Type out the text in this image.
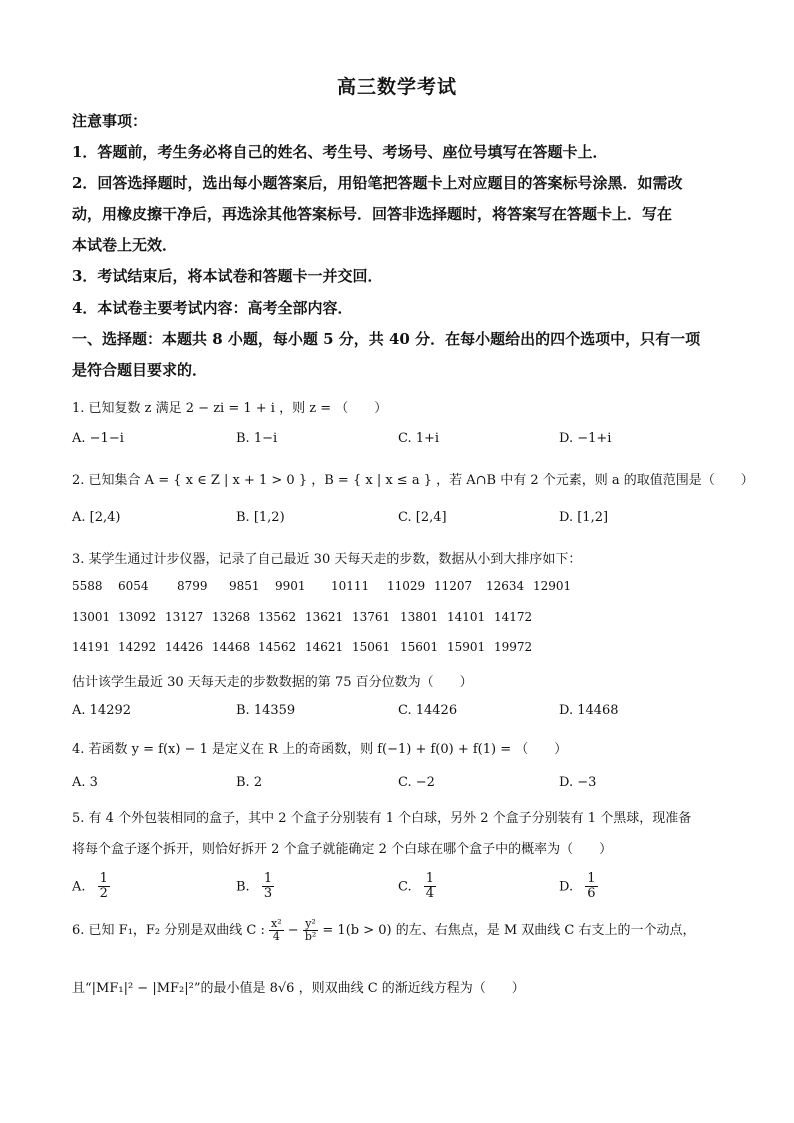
高三数学考试
注意事项：
1．答题前，考生务必将自己的姓名、考生号、考场号、座位号填写在答题卡上．
2．回答选择题时，选出每小题答案后，用铅笔把答题卡上对应题目的答案标号涂黑．如需改
动，用橡皮擦干净后，再选涂其他答案标号．回答非选择题时，将答案写在答题卡上．写在
本试卷上无效．
3．考试结束后，将本试卷和答题卡一并交回．
4．本试卷主要考试内容：高考全部内容．
一、选择题：本题共 8 小题，每小题 5 分，共 40 分．在每小题给出的四个选项中，只有一项
是符合题目要求的．
1. 已知复数 z 满足 2 − zi = 1 + i ，则 z = （　　）
A. −1−i	B. 1−i	C. 1+i	D. −1+i
2. 已知集合 A = { x ∈ Z | x + 1 > 0 } ，B = { x | x ≤ a } ，若 A∩B 中有 2 个元素，则 a 的取值范围是（　　）
A. [2,4)	B. [1,2)	C. [2,4]	D. [1,2]
3. 某学生通过计步仪器，记录了自己最近 30 天每天走的步数，数据从小到大排序如下：
5588 6054 8799 9851 9901 10111 11029 11207 12634 12901
13001 13092 13127 13268 13562 13621 13761 13801 14101 14172
14191 14292 14426 14468 14562 14621 15061 15601 15901 19972
估计该学生最近 30 天每天走的步数数据的第 75 百分位数为（　　）
A. 14292	B. 14359	C. 14426	D. 14468
4. 若函数 y = f(x) − 1 是定义在 R 上的奇函数，则 f(−1) + f(0) + f(1) = （　　）
A. 3	B. 2	C. −2	D. −3
5. 有 4 个外包装相同的盒子，其中 2 个盒子分别装有 1 个白球，另外 2 个盒子分别装有 1 个黑球，现准备
将每个盒子逐个拆开，则恰好拆开 2 个盒子就能确定 2 个白球在哪个盒子中的概率为（　　）
A. $\frac{1}{2}$	B. $\frac{1}{3}$	C. $\frac{1}{4}$	D. $\frac{1}{6}$
6. 已知 F₁，F₂ 分别是双曲线 C : $\frac{\text{x²}}{4} - \frac{\text{y²}}{\text{b²}} = 1(b > 0)$ 的左、右焦点，是 M 双曲线 C 右支上的一个动点，
且“|MF₁|² − |MF₂|²”的最小值是 8√6 ，则双曲线 C 的渐近线方程为（　　）
